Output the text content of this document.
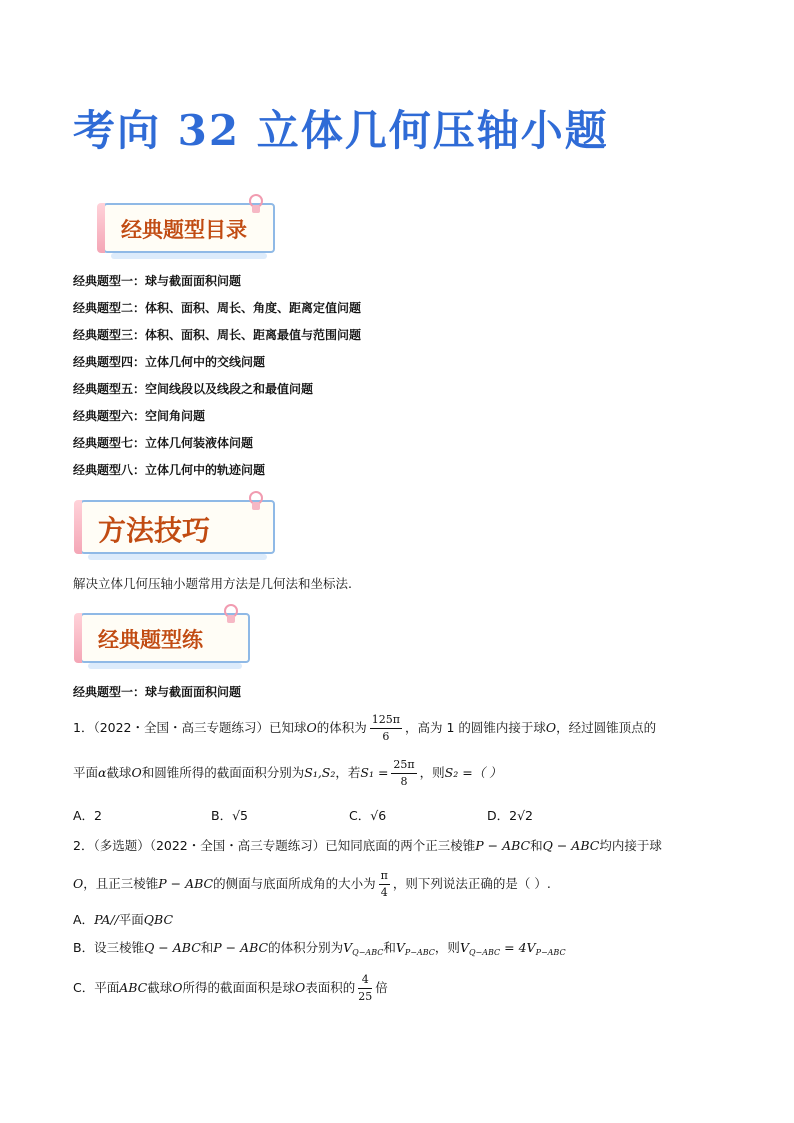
考向 32 立体几何压轴小题
经典题型目录
经典题型一：球与截面面积问题
经典题型二：体积、面积、周长、角度、距离定值问题
经典题型三：体积、面积、周长、距离最值与范围问题
经典题型四：立体几何中的交线问题
经典题型五：空间线段以及线段之和最值问题
经典题型六：空间角问题
经典题型七：立体几何装液体问题
经典题型八：立体几何中的轨迹问题
方法技巧
解决立体几何压轴小题常用方法是几何法和坐标法.
经典题型练
经典题型一：球与截面面积问题
1．（2022・全国・高三专题练习）已知球O的体积为 $\frac{125\pi}{6}$ ，高为 1 的圆锥内接于球O，经过圆锥顶点的
平面α截球O和圆锥所得的截面面积分别为S₁,S₂，若$S_1 = \frac{25\pi}{8}$ ，则S₂ =（ ）
A．2	B．√5	C．√6	D．2√2
2．（多选题）（2022・全国・高三专题练习）已知同底面的两个正三棱锥P − ABC和Q − ABC均内接于球
O，且正三棱锥P − ABC的侧面与底面所成角的大小为 $\frac{\pi}{4}$ ，则下列说法正确的是（ ）.
A．PA//平面QBC
B．设三棱锥Q − ABC和P − ABC的体积分别为$V_{Q-ABC}$和$V_{P-ABC}$，则$V_{Q-ABC} = 4V_{P-ABC}$
C．平面ABC截球O所得的截面面积是球O表面积的 $\frac{4}{25}$ 倍
